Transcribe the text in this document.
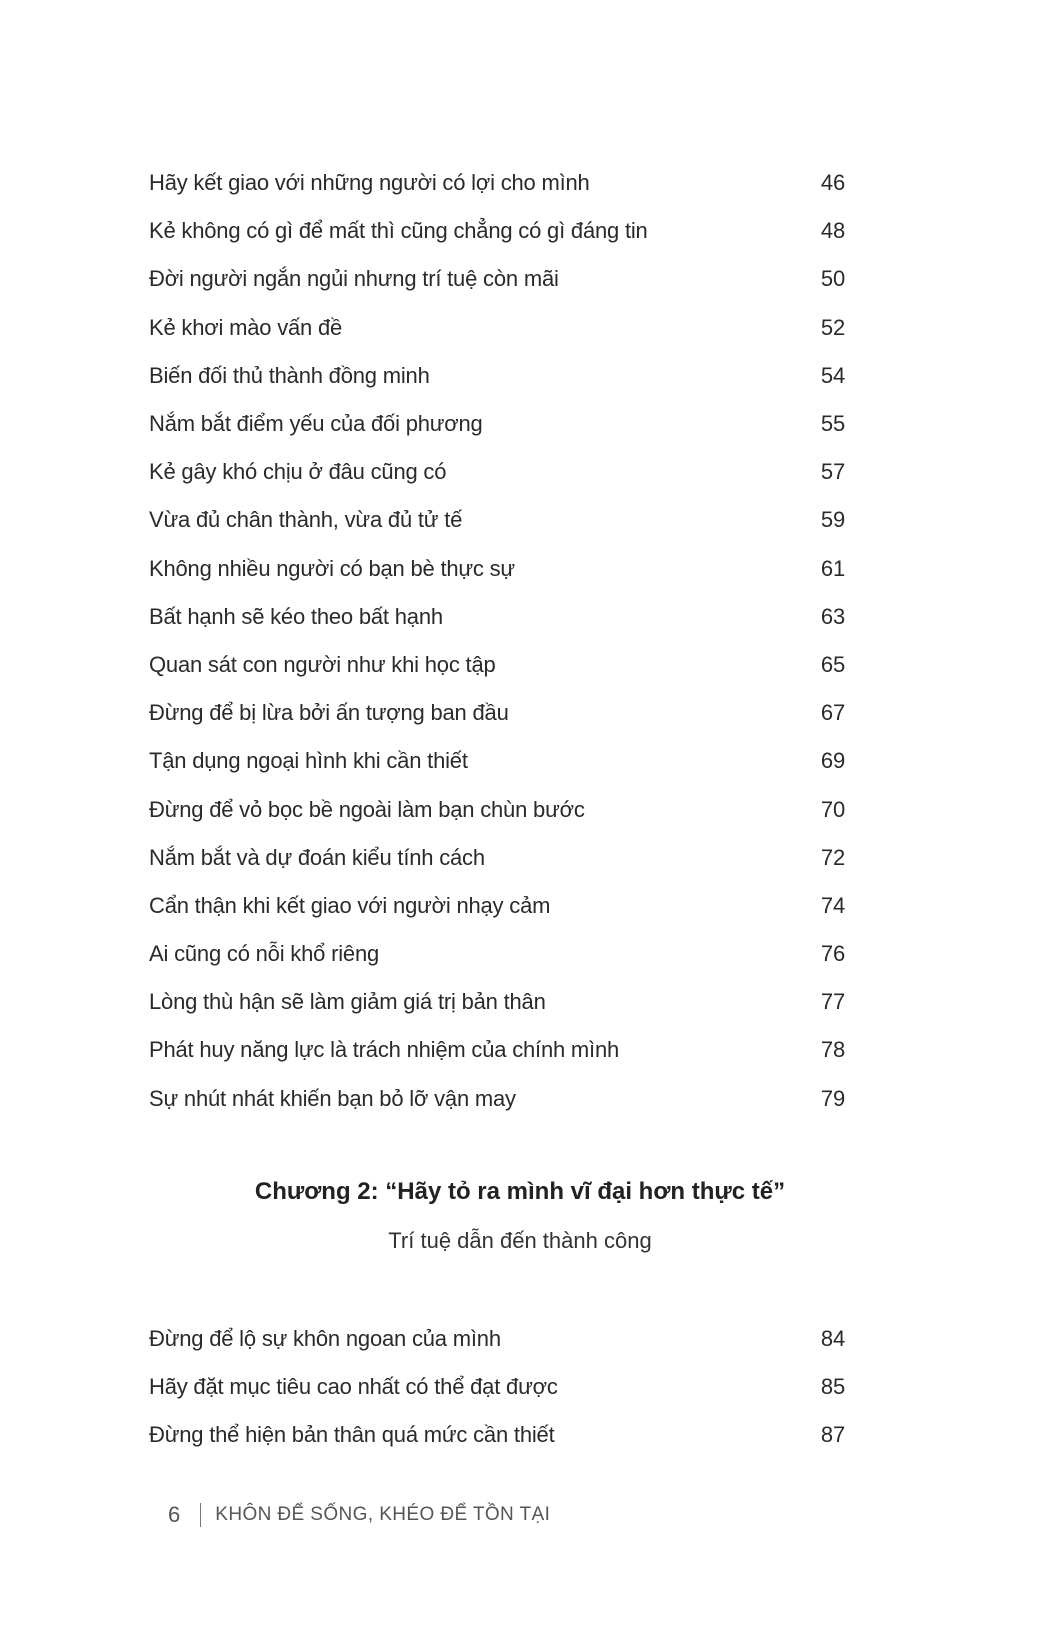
Hãy kết giao với những người có lợi cho mình	46
Kẻ không có gì để mất thì cũng chẳng có gì đáng tin	48
Đời người ngắn ngủi nhưng trí tuệ còn mãi	50
Kẻ khơi mào vấn đề	52
Biến đối thủ thành đồng minh	54
Nắm bắt điểm yếu của đối phương	55
Kẻ gây khó chịu ở đâu cũng có	57
Vừa đủ chân thành, vừa đủ tử tế	59
Không nhiều người có bạn bè thực sự	61
Bất hạnh sẽ kéo theo bất hạnh	63
Quan sát con người như khi học tập	65
Đừng để bị lừa bởi ấn tượng ban đầu	67
Tận dụng ngoại hình khi cần thiết	69
Đừng để vỏ bọc bề ngoài làm bạn chùn bước	70
Nắm bắt và dự đoán kiểu tính cách	72
Cẩn thận khi kết giao với người nhạy cảm	74
Ai cũng có nỗi khổ riêng	76
Lòng thù hận sẽ làm giảm giá trị bản thân	77
Phát huy năng lực là trách nhiệm của chính mình	78
Sự nhút nhát khiến bạn bỏ lỡ vận may	79
Chương 2: “Hãy tỏ ra mình vĩ đại hơn thực tế”
Trí tuệ dẫn đến thành công
Đừng để lộ sự khôn ngoan của mình	84
Hãy đặt mục tiêu cao nhất có thể đạt được	85
Đừng thể hiện bản thân quá mức cần thiết	87
6 KHÔN ĐỂ SỐNG, KHÉO ĐỂ TỒN TẠI
